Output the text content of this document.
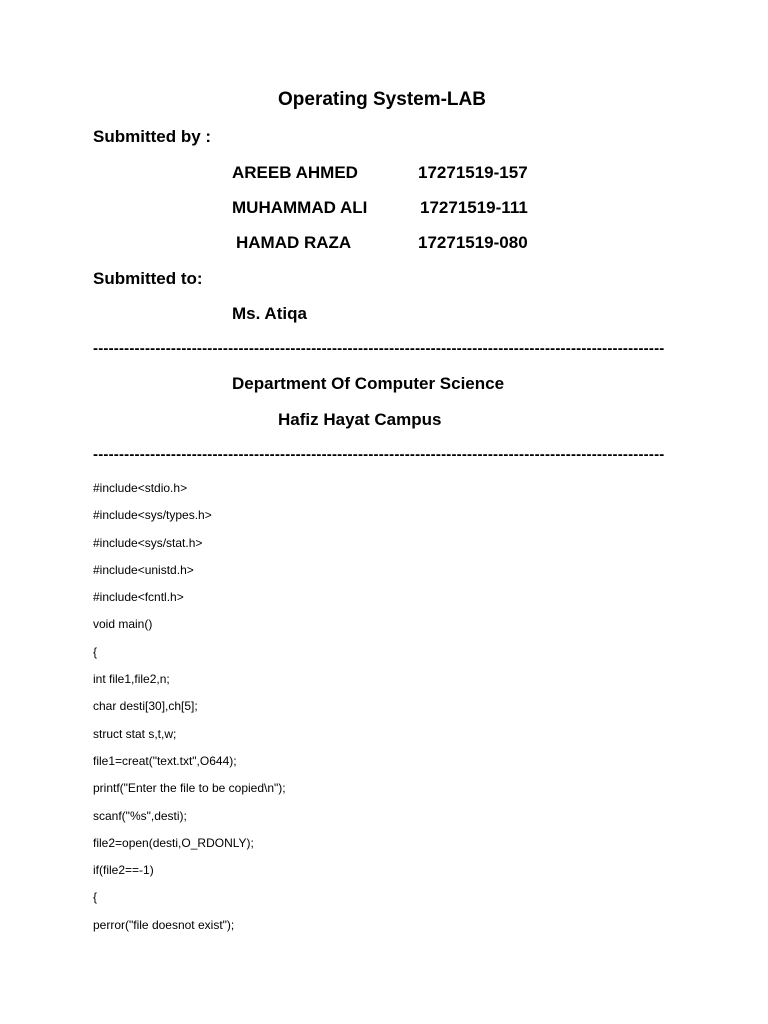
Operating System-LAB
Submitted by :
AREEB AHMED	17271519-157
MUHAMMAD ALI	17271519-111
HAMAD RAZA	17271519-080
Submitted to:
Ms. Atiqa
--------------------------------------------------------------------------------------------------------------
Department Of Computer Science
Hafiz Hayat Campus
--------------------------------------------------------------------------------------------------------------
#include<stdio.h>
#include<sys/types.h>
#include<sys/stat.h>
#include<unistd.h>
#include<fcntl.h>
void main()
{
int file1,file2,n;
char desti[30],ch[5];
struct stat s,t,w;
file1=creat("text.txt",O644);
printf("Enter the file to be copied\n");
scanf("%s",desti);
file2=open(desti,O_RDONLY);
if(file2==-1)
{
perror("file doesnot exist");
